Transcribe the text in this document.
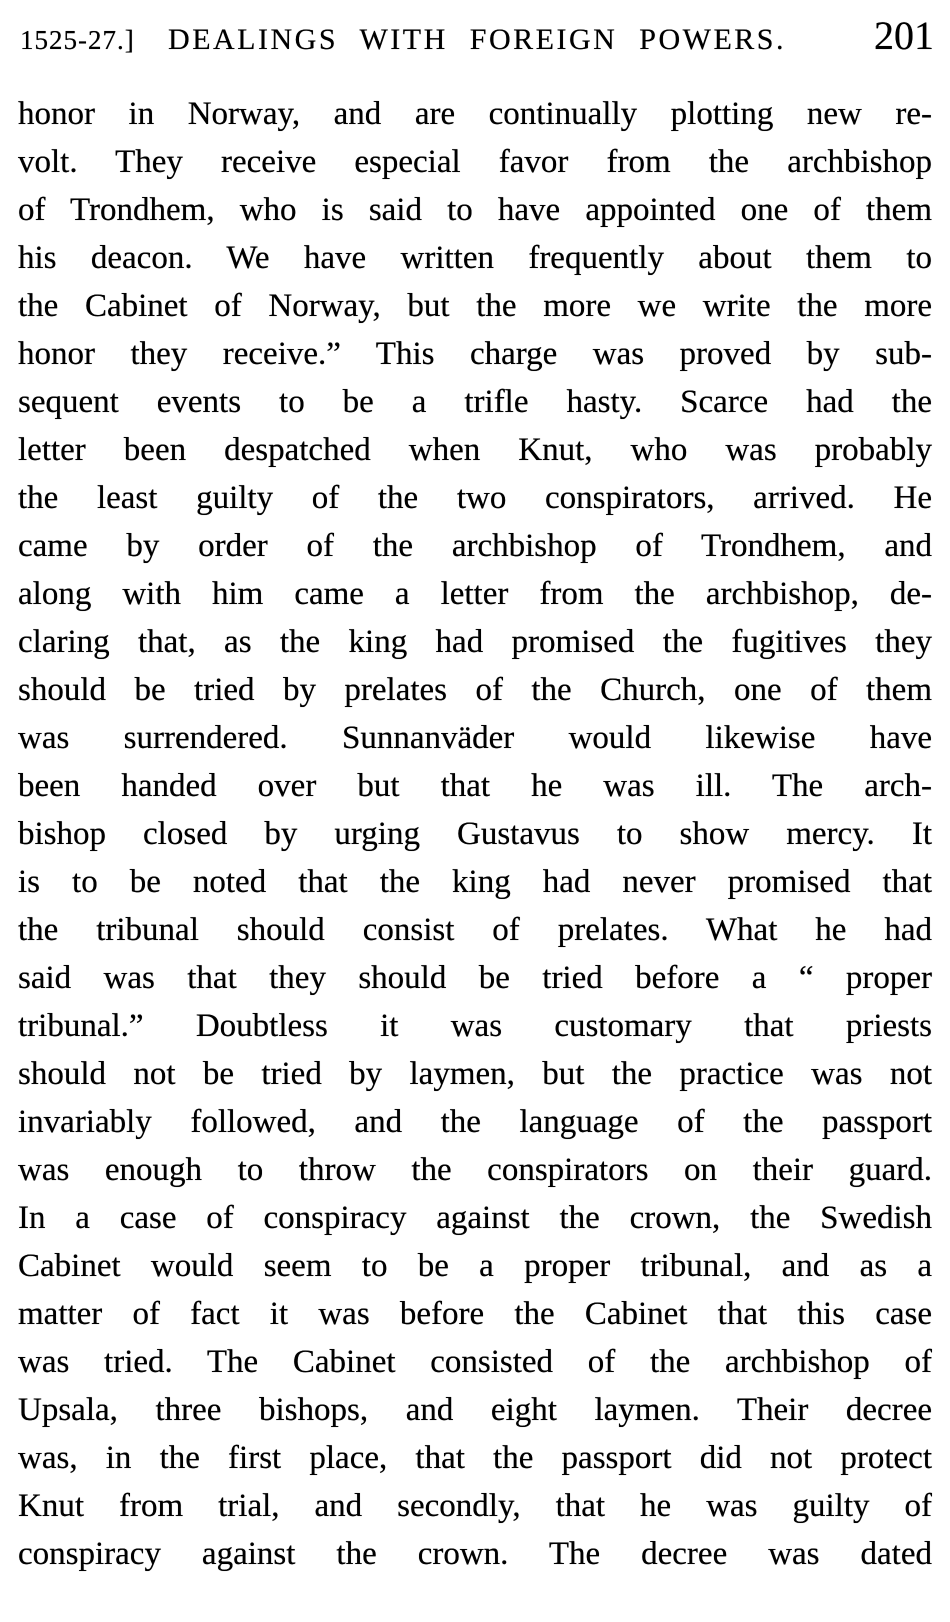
1525-27.]	DEALINGS WITH FOREIGN POWERS.	201
honor in Norway, and are continually plotting new re-
volt. They receive especial favor from the archbishop
of Trondhem, who is said to have appointed one of them
his deacon. We have written frequently about them to
the Cabinet of Norway, but the more we write the more
honor they receive.” This charge was proved by sub-
sequent events to be a trifle hasty. Scarce had the
letter been despatched when Knut, who was probably
the least guilty of the two conspirators, arrived. He
came by order of the archbishop of Trondhem, and
along with him came a letter from the archbishop, de-
claring that, as the king had promised the fugitives they
should be tried by prelates of the Church, one of them
was surrendered. Sunnanväder would likewise have
been handed over but that he was ill. The arch-
bishop closed by urging Gustavus to show mercy. It
is to be noted that the king had never promised that
the tribunal should consist of prelates. What he had
said was that they should be tried before a “ proper
tribunal.” Doubtless it was customary that priests
should not be tried by laymen, but the practice was not
invariably followed, and the language of the passport
was enough to throw the conspirators on their guard.
In a case of conspiracy against the crown, the Swedish
Cabinet would seem to be a proper tribunal, and as a
matter of fact it was before the Cabinet that this case
was tried. The Cabinet consisted of the archbishop of
Upsala, three bishops, and eight laymen. Their decree
was, in the first place, that the passport did not protect
Knut from trial, and secondly, that he was guilty of
conspiracy against the crown. The decree was dated
